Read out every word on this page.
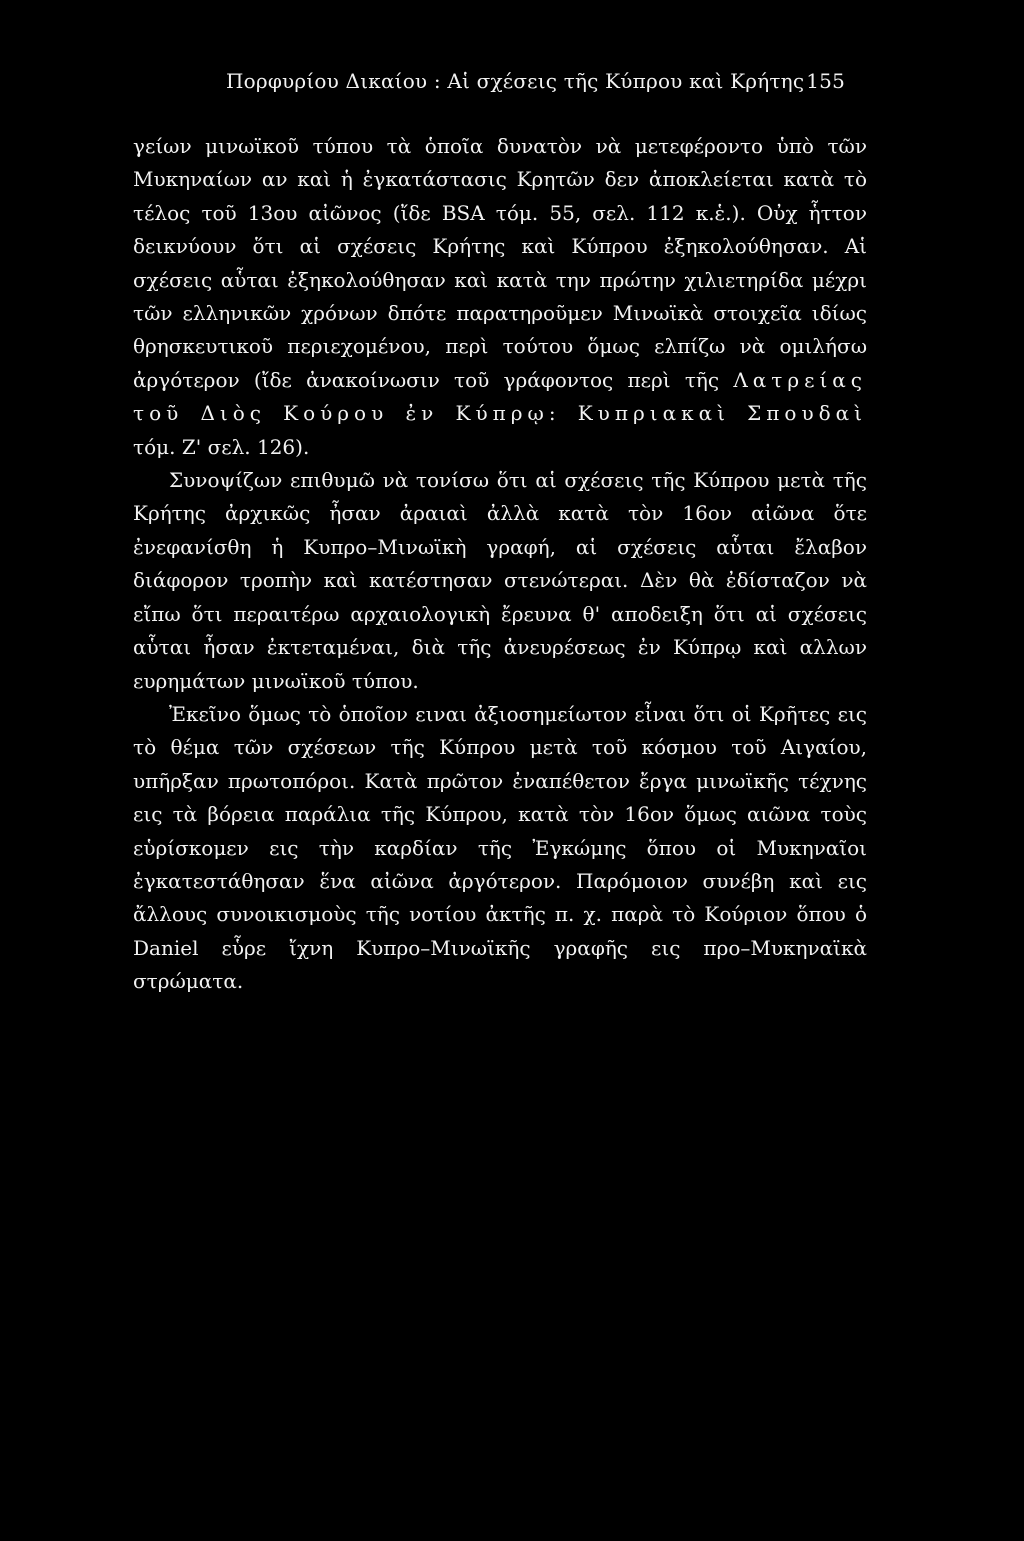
Πορφυρίου Δικαίου : Αἱ σχέσεις τῆς Κύπρου καὶ Κρήτης 155

γείων μινωϊκοῦ τύπου τὰ ὁποῖα δυνατὸν νὰ μετεφέροντο ὑπὸ τῶν Μυκηναίων αν καὶ ἡ ἐγκατάστασις Κρητῶν δεν ἀποκλείεται κατὰ τὸ τέλος τοῦ 13ου αἰῶνος (ἴδε BSA τόμ. 55, σελ. 112 κ.ἑ.). Οὐχ ἧττον δεικνύουν ὅτι αἱ σχέσεις Κρήτης καὶ Κύπρου ἐξηκολούθησαν. Αἱ σχέσεις αὗται ἐξηκολούθησαν καὶ κατὰ την πρώτην χιλιετηρίδα μέχρι τῶν ελληνικῶν χρόνων δπότε παρατηροῦμεν Μινωϊκὰ στοιχεῖα ιδίως θρησκευτικοῦ περιεχομένου, περὶ τούτου ὅμως ελπίζω νὰ ομιλήσω ἀργότερον (ἴδε ἀνακοίνωσιν τοῦ γράφοντος περὶ τῆς Λατρείας τοῦ Διὸς Κούρου ἐν Κύπρῳ: Κυπριακαὶ Σπουδαὶ τόμ. Ζ' σελ. 126).

Συνοψίζων επιθυμῶ νὰ τονίσω ὅτι αἱ σχέσεις τῆς Κύπρου μετὰ τῆς Κρήτης ἀρχικῶς ἦσαν ἀραιαὶ ἀλλὰ κατὰ τὸν 16ον αἰῶνα ὅτε ἐνεφανίσθη ἡ Κυπρο–Μινωϊκὴ γραφή, αἱ σχέσεις αὗται ἔλαβον διάφορον τροπὴν καὶ κατέστησαν στενώτεραι. Δὲν θὰ ἐδίσταζον νὰ εἴπω ὅτι περαιτέρω αρχαιολογικὴ ἔρευνα θ' αποδειξη ὅτι αἱ σχέσεις αὗται ἦσαν ἐκτεταμέναι, διὰ τῆς ἀνευρέσεως ἐν Κύπρῳ καὶ αλλων ευρημάτων μινωϊκοῦ τύπου.

Ἐκεῖνο ὅμως τὸ ὁποῖον ειναι ἀξιοσημείωτον εἶναι ὅτι οἱ Κρῆτες εις τὸ θέμα τῶν σχέσεων τῆς Κύπρου μετὰ τοῦ κόσμου τοῦ Αιγαίου, υπῆρξαν πρωτοπόροι. Κατὰ πρῶτον ἐναπέθετον ἔργα μινωϊκῆς τέχνης εις τὰ βόρεια παράλια τῆς Κύπρου, κατὰ τὸν 16ον ὅμως αιῶνα τοὺς εὑρίσκομεν εις τὴν καρδίαν τῆς Ἐγκώμης ὅπου οἱ Μυκηναῖοι ἐγκατεστάθησαν ἕνα αἰῶνα ἀργότερον. Παρόμοιον συνέβη καὶ εις ἄλλους συνοικισμοὺς τῆς νοτίου ἀκτῆς π. χ. παρὰ τὸ Κούριον ὅπου ὁ Daniel εὗρε ἴχνη Κυπρο–Μινωϊκῆς γραφῆς εις προ–Μυκηναϊκὰ στρώματα.
